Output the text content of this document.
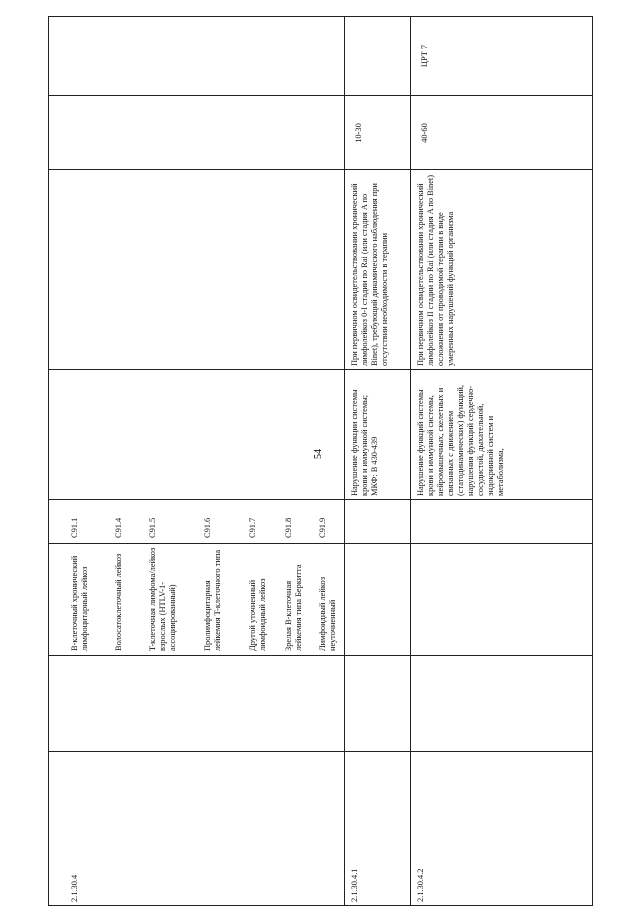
54
2.1.30.4
B-клеточный хронический лимфоцитарный лейкоз
C91.1
Волосатоклеточный лейкоз
C91.4
T-клеточная лимфома/лейкоз взрослых (HTLV-1-ассоциированный)
C91.5
Пролимфоцитарная лейкемия T-клеточного типа
C91.6
Другой уточненный лимфоидный лейкоз
C91.7
Зрелая B-клеточная лейкемия типа Беркитта
C91.8
Лимфоидный лейкоз неуточненный
C91.9
2.1.30.4.1
Нарушение функции системы крови и иммунной системы; МКФ: B 430-439
При первичном освидетельствовании хронический лимфолейкоз 0-I стадии по Rai (или стадия A по Binet), требующий динамического наблюдения при отсутствии необходимости в терапии
10-30
2.1.30.4.2
Нарушение функций системы крови и иммунной системы, нейромышечных, скелетных и связанных с движением (статодинамических) функций, нарушения функций сердечно-сосудистой, дыхательной, эндокринной систем и метаболизма,
При первичном освидетельствовании хронический лимфолейкоз II стадии по Rai (или стадия A по Binet) осложнения от проводимой терапии в виде умеренных нарушений функций организма
40-60
ЦРТ 7
